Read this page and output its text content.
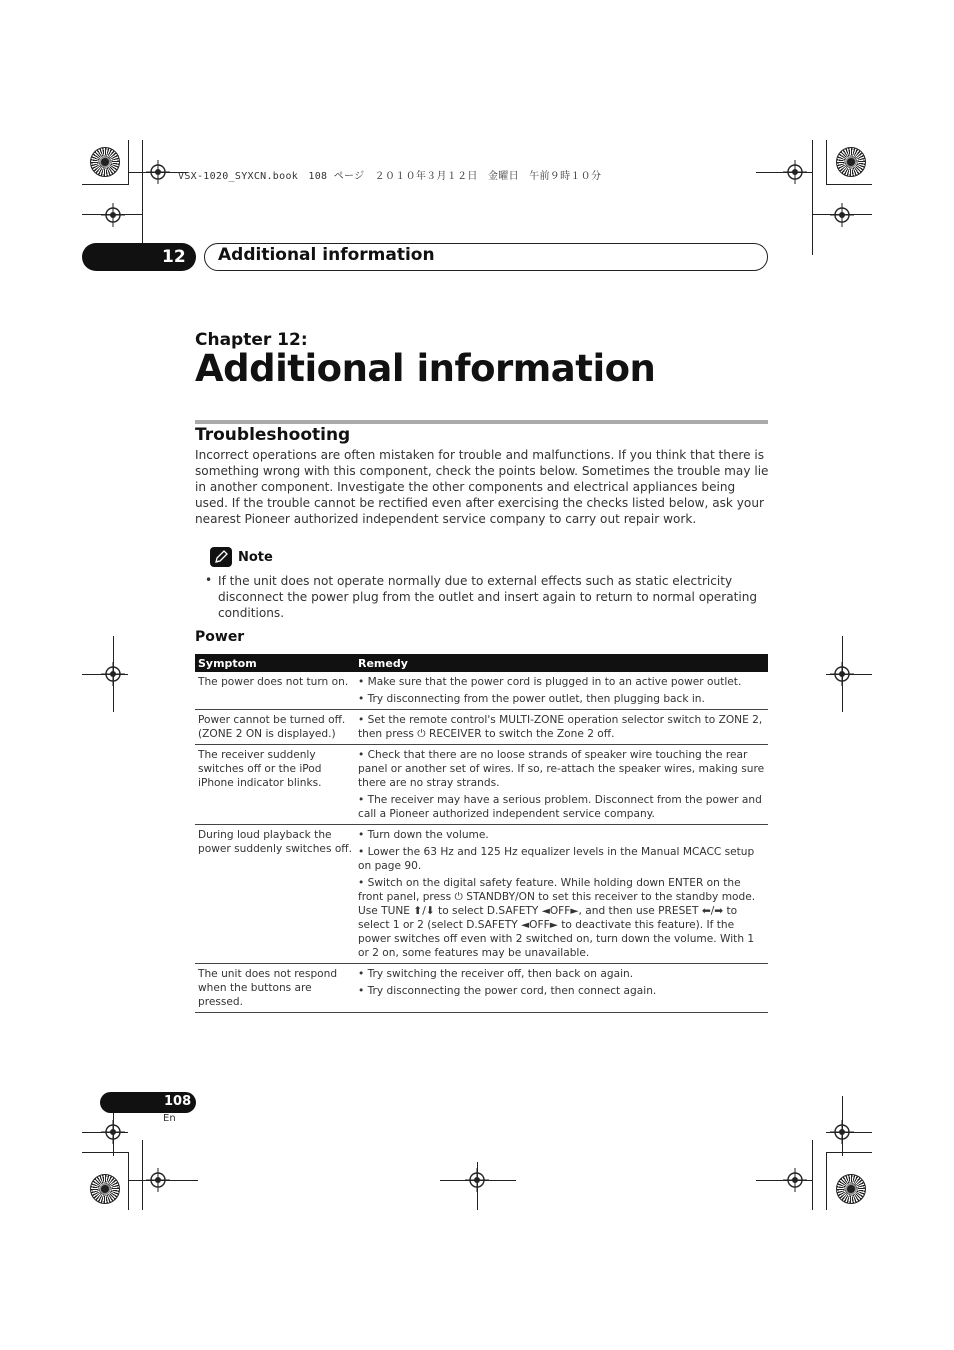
VSX-1020_SYXCN.book　108 ページ　２０１０年３月１２日　金曜日　午前９時１０分
12 Additional information
Chapter 12:
Additional information
Troubleshooting
Incorrect operations are often mistaken for trouble and malfunctions. If you think that there is something wrong with this component, check the points below. Sometimes the trouble may lie in another component. Investigate the other components and electrical appliances being used. If the trouble cannot be rectified even after exercising the checks listed below, ask your nearest Pioneer authorized independent service company to carry out repair work.
Note
• If the unit does not operate normally due to external effects such as static electricity disconnect the power plug from the outlet and insert again to return to normal operating conditions.
Power
Symptom	Remedy
The power does not turn on.	• Make sure that the power cord is plugged in to an active power outlet.
• Try disconnecting from the power outlet, then plugging back in.

Power cannot be turned off. (ZONE 2 ON is displayed.)	• Set the remote control's MULTI-ZONE operation selector switch to ZONE 2, then press ⏻ RECEIVER to switch the Zone 2 off.

The receiver suddenly switches off or the iPod iPhone indicator blinks.	• Check that there are no loose strands of speaker wire touching the rear panel or another set of wires. If so, re-attach the speaker wires, making sure there are no stray strands.
• The receiver may have a serious problem. Disconnect from the power and call a Pioneer authorized independent service company.

During loud playback the power suddenly switches off.	• Turn down the volume.
• Lower the 63 Hz and 125 Hz equalizer levels in the Manual MCACC setup on page 90.
• Switch on the digital safety feature. While holding down ENTER on the front panel, press ⏻ STANDBY/ON to set this receiver to the standby mode. Use TUNE ⬆/⬇ to select D.SAFETY ◄OFF►, and then use PRESET ⬅/➡ to select 1 or 2 (select D.SAFETY ◄OFF► to deactivate this feature). If the power switches off even with 2 switched on, turn down the volume. With 1 or 2 on, some features may be unavailable.

The unit does not respond when the buttons are pressed.	• Try switching the receiver off, then back on again.
• Try disconnecting the power cord, then connect again.
108
En
